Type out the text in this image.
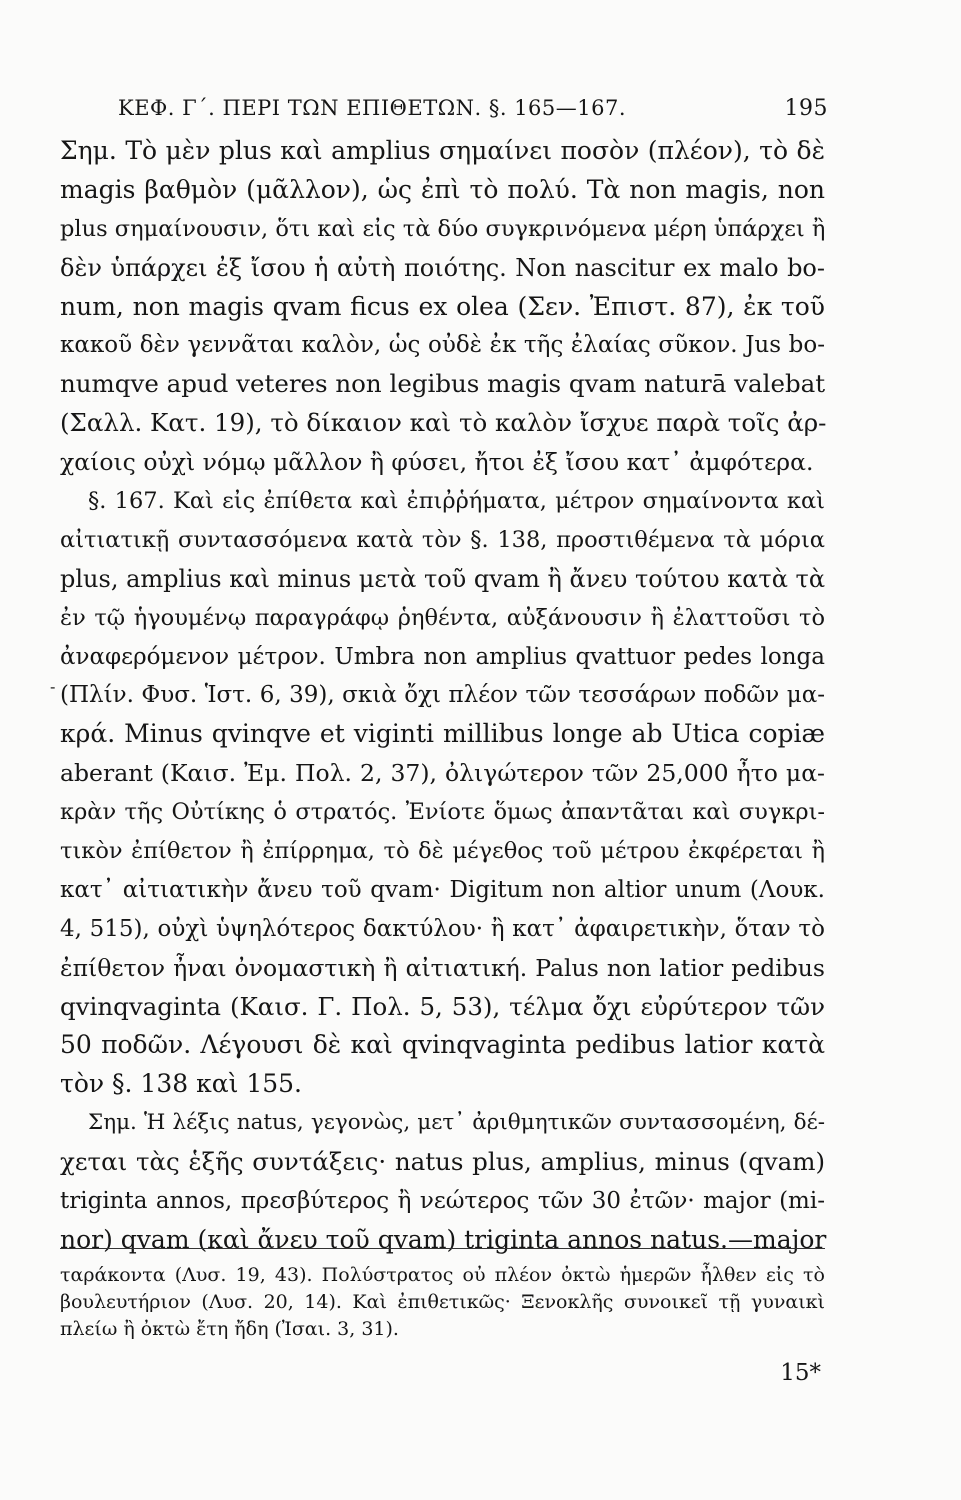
ΚΕΦ. Γ΄. ΠΕΡΙ ΤΩΝ ΕΠΙΘΕΤΩΝ. §. 165—167.	195
Σημ. Τὸ μὲν plus καὶ amplius σημαίνει ποσὸν (πλέον), τὸ δὲ
magis βαθμὸν (μᾶλλον), ὡς ἐπὶ τὸ πολύ. Τὰ non magis, non
plus σημαίνουσιν, ὅτι καὶ εἰς τὰ δύο συγκρινόμενα μέρη ὑπάρχει ἢ
δὲν ὑπάρχει ἐξ ἴσου ἡ αὐτὴ ποιότης. Non nascitur ex malo bo-
num, non magis qvam ficus ex olea (Σεν. Ἐπιστ. 87), ἐκ τοῦ
κακοῦ δὲν γεννᾶται καλὸν, ὡς οὐδὲ ἐκ τῆς ἐλαίας σῦκον. Jus bo-
numqve apud veteres non legibus magis qvam naturā valebat
(Σαλλ. Κατ. 19), τὸ δίκαιον καὶ τὸ καλὸν ἴσχυε παρὰ τοῖς ἀρ-
χαίοις οὐχὶ νόμῳ μᾶλλον ἢ φύσει, ἤτοι ἐξ ἴσου κατ᾽ ἀμφότερα.
§. 167. Καὶ εἰς ἐπίθετα καὶ ἐπιῤῥήματα, μέτρον σημαίνοντα καὶ
αἰτιατικῇ συντασσόμενα κατὰ τὸν §. 138, προστιθέμενα τὰ μόρια
plus, amplius καὶ minus μετὰ τοῦ qvam ἢ ἄνευ τούτου κατὰ τὰ
ἐν τῷ ἡγουμένῳ παραγράφῳ ῥηθέντα, αὐξάνουσιν ἢ ἐλαττοῦσι τὸ
ἀναφερόμενον μέτρον. Umbra non amplius qvattuor pedes longa
(Πλίν. Φυσ. Ἱστ. 6, 39), σκιὰ ὄχι πλέον τῶν τεσσάρων ποδῶν μα-
κρά. Minus qvinqve et viginti millibus longe ab Utica copiæ
aberant (Καισ. Ἐμ. Πολ. 2, 37), ὀλιγώτερον τῶν 25,000 ἦτο μα-
κρὰν τῆς Οὐτίκης ὁ στρατός. Ἐνίοτε ὅμως ἀπαντᾶται καὶ συγκρι-
τικὸν ἐπίθετον ἢ ἐπίρρημα, τὸ δὲ μέγεθος τοῦ μέτρου ἐκφέρεται ἢ
κατ᾽ αἰτιατικὴν ἄνευ τοῦ qvam· Digitum non altior unum (Λουκ.
4, 515), οὐχὶ ὑψηλότερος δακτύλου· ἢ κατ᾽ ἀφαιρετικὴν, ὅταν τὸ
ἐπίθετον ἦναι ὀνομαστικὴ ἢ αἰτιατική. Palus non latior pedibus
qvinqvaginta (Καισ. Γ. Πολ. 5, 53), τέλμα ὄχι εὐρύτερον τῶν
50 ποδῶν. Λέγουσι δὲ καὶ qvinqvaginta pedibus latior κατὰ
τὸν §. 138 καὶ 155.
Σημ. Ἡ λέξις natus, γεγονὼς, μετ᾽ ἀριθμητικῶν συντασσομένη, δέ-
χεται τὰς ἑξῆς συντάξεις· natus plus, amplius, minus (qvam)
triginta annos, πρεσβύτερος ἢ νεώτερος τῶν 30 ἐτῶν· major (mi-
nor) qvam (καὶ ἄνευ τοῦ qvam) triginta annos natus.—major
‐
ταράκοντα (Λυσ. 19, 43). Πολύστρατος οὐ πλέον ὀκτὼ ἡμερῶν ἦλθεν εἰς τὸ
βουλευτήριον (Λυσ. 20, 14). Καὶ ἐπιθετικῶς· Ξενοκλῆς συνοικεῖ τῇ γυναικὶ
πλείω ἢ ὀκτὼ ἔτη ἤδη (Ἰσαι. 3, 31).
15*
